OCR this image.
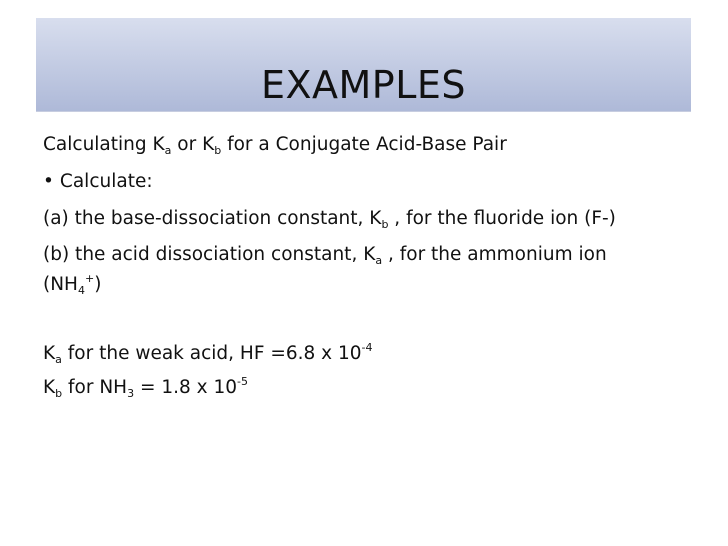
EXAMPLES
Calculating $K_a$ or $K_b$ for a Conjugate Acid-Base Pair
• Calculate:
(a) the base-dissociation constant, $K_b$ , for the fluoride ion (F-)
(b) the acid dissociation constant, $K_a$ , for the ammonium ion
$(NH_4^+)$
$K_a$ for the weak acid, HF =6.8 x $10^{-4}$
$K_b$ for $NH_3 = 1.8$ x $10^{-5}$
